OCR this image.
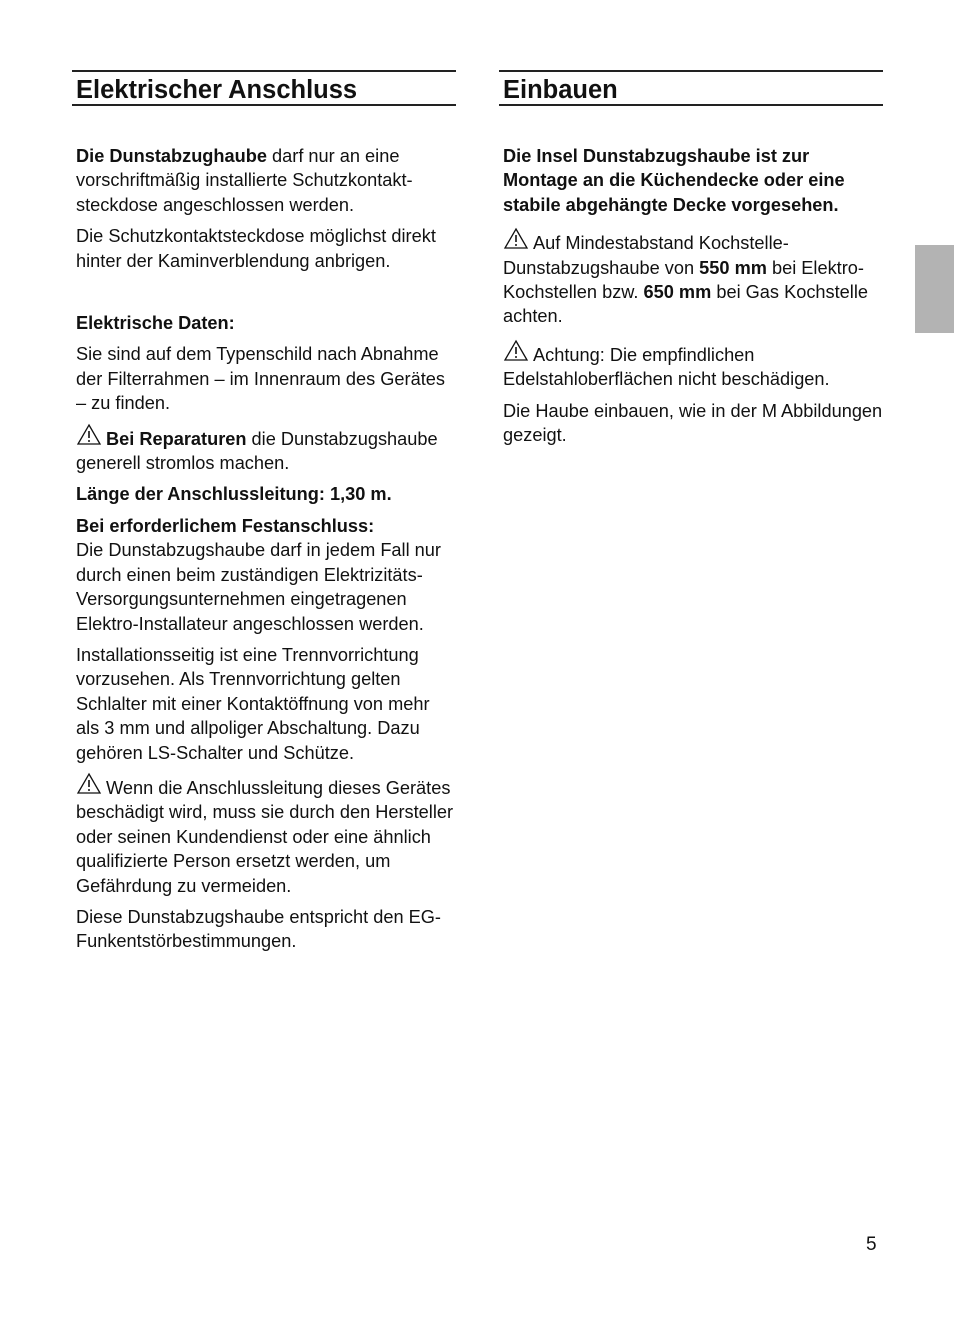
Elektrischer Anschluss

Die Dunstabzughaube darf nur an eine vorschriftmäßig installierte Schutzkontakt-steckdose angeschlossen werden.

Die Schutzkontaktsteckdose möglichst direkt hinter der Kaminverblendung anbrigen.

Elektrische Daten:

Sie sind auf dem Typenschild nach Abnahme der Filterrahmen – im Innenraum des Gerätes – zu finden.

Bei Reparaturen die Dunstabzugshaube generell stromlos machen.

Länge der Anschlussleitung: 1,30 m.

Bei erforderlichem Festanschluss:
Die Dunstabzugshaube darf in jedem Fall nur durch einen beim zuständigen Elektrizitäts-Versorgungsunternehmen eingetragenen Elektro-Installateur angeschlossen werden.

Installationsseitig ist eine Trennvorrichtung vorzusehen. Als Trennvorrichtung gelten Schlalter mit einer Kontaktöffnung von mehr als 3 mm und allpoliger Abschaltung. Dazu gehören LS-Schalter und Schütze.

Wenn die Anschlussleitung dieses Gerätes beschädigt wird, muss sie durch den Hersteller oder seinen Kundendienst oder eine ähnlich qualifizierte Person ersetzt werden, um Gefährdung zu vermeiden.

Diese Dunstabzugshaube entspricht den EG-Funkentstörbestimmungen.

Einbauen

Die Insel Dunstabzugshaube ist zur Montage an die Küchendecke oder eine stabile abgehängte Decke vorgesehen.

Auf Mindestabstand Kochstelle-Dunstabzugshaube von 550 mm bei Elektro-Kochstellen bzw. 650 mm bei Gas Kochstelle achten.

Achtung: Die empfindlichen Edelstahloberflächen nicht beschädigen.

Die Haube einbauen, wie in der M Abbildungen gezeigt.

5
